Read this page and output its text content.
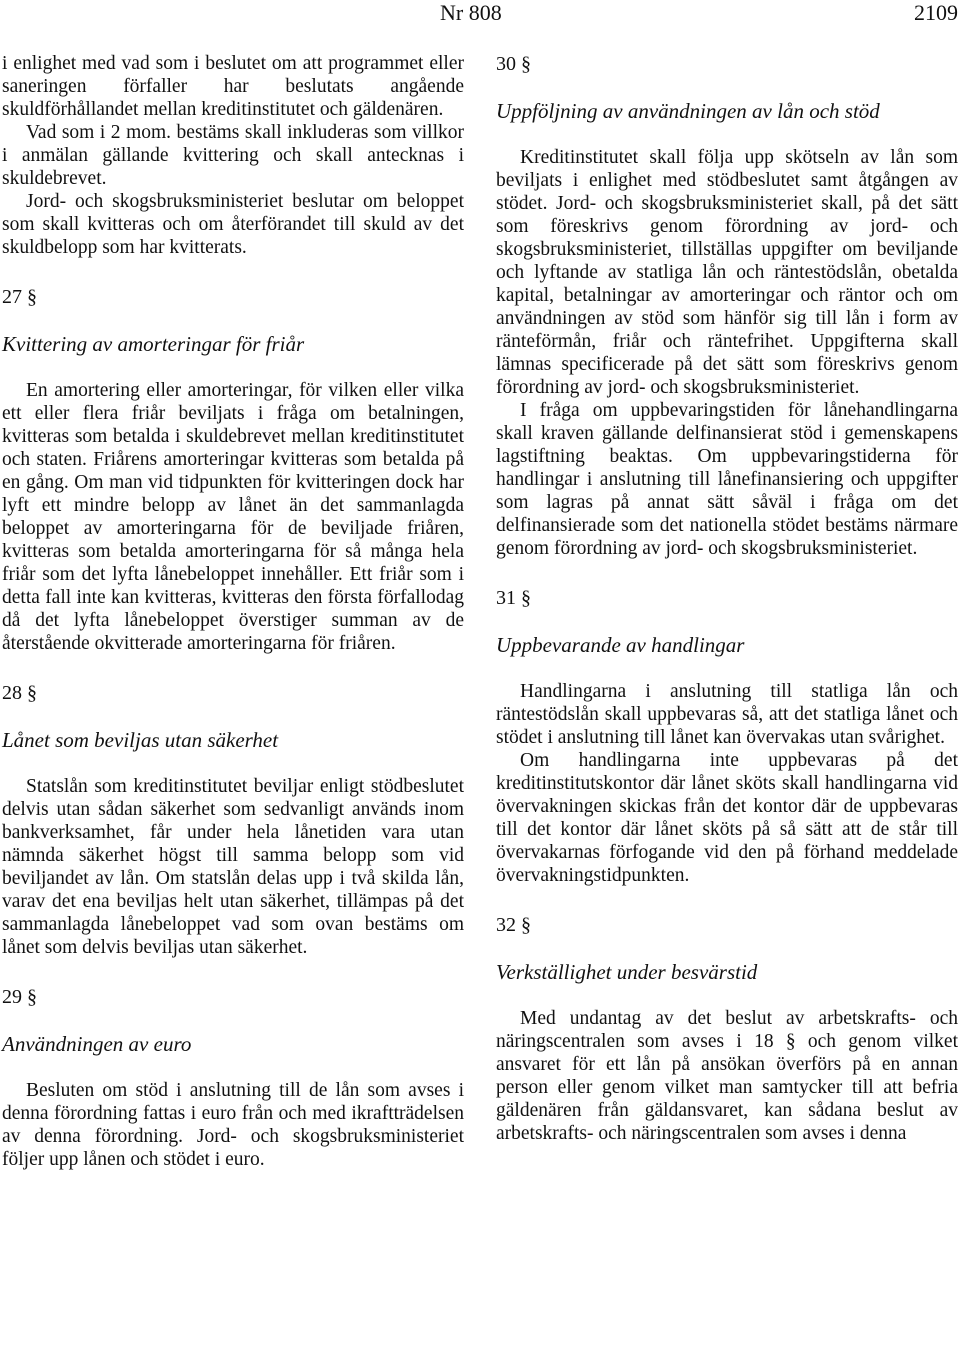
Nr 808	2109

i enlighet med vad som i beslutet om att programmet eller saneringen förfaller har beslutats angående skuldförhållandet mellan kreditinstitutet och gäldenären.

Vad som i 2 mom. bestäms skall inkluderas som villkor i anmälan gällande kvittering och skall antecknas i skuldebrevet.

Jord- och skogsbruksministeriet beslutar om beloppet som skall kvitteras och om återförandet till skuld av det skuldbelopp som har kvitterats.

27 §

Kvittering av amorteringar för friår

En amortering eller amorteringar, för vilken eller vilka ett eller flera friår beviljats i fråga om betalningen, kvitteras som betalda i skuldebrevet mellan kreditinstitutet och staten. Friårens amorteringar kvitteras som betalda på en gång. Om man vid tidpunkten för kvitteringen dock har lyft ett mindre belopp av lånet än det sammanlagda beloppet av amorteringarna för de beviljade friåren, kvitteras som betalda amorteringarna för så många hela friår som det lyfta lånebeloppet innehåller. Ett friår som i detta fall inte kan kvitteras, kvitteras den första förfallodag då det lyfta lånebeloppet överstiger summan av de återstående okvitterade amorteringarna för friåren.

28 §

Lånet som beviljas utan säkerhet

Statslån som kreditinstitutet beviljar enligt stödbeslutet delvis utan sådan säkerhet som sedvanligt används inom bankverksamhet, får under hela lånetiden vara utan nämnda säkerhet högst till samma belopp som vid beviljandet av lån. Om statslån delas upp i två skilda lån, varav det ena beviljas helt utan säkerhet, tillämpas på det sammanlagda lånebeloppet vad som ovan bestäms om lånet som delvis beviljas utan säkerhet.

29 §

Användningen av euro

Besluten om stöd i anslutning till de lån som avses i denna förordning fattas i euro från och med ikraftträdelsen av denna förordning. Jord- och skogsbruksministeriet följer upp lånen och stödet i euro.

30 §

Uppföljning av användningen av lån och stöd

Kreditinstitutet skall följa upp skötseln av lån som beviljats i enlighet med stödbeslutet samt åtgången av stödet. Jord- och skogsbruksministeriet skall, på det sätt som föreskrivs genom förordning av jord- och skogsbruksministeriet, tillställas uppgifter om beviljande och lyftande av statliga lån och räntestödslån, obetalda kapital, betalningar av amorteringar och räntor och om användningen av stöd som hänför sig till lån i form av ränteförmån, friår och räntefrihet. Uppgifterna skall lämnas specificerade på det sätt som föreskrivs genom förordning av jord- och skogsbruksministeriet.

I fråga om uppbevaringstiden för lånehandlingarna skall kraven gällande delfinansierat stöd i gemenskapens lagstiftning beaktas. Om uppbevaringstiderna för handlingar i anslutning till lånefinansiering och uppgifter som lagras på annat sätt såväl i fråga om det delfinansierade som det nationella stödet bestäms närmare genom förordning av jord- och skogsbruksministeriet.

31 §

Uppbevarande av handlingar

Handlingarna i anslutning till statliga lån och räntestödslån skall uppbevaras så, att det statliga lånet och stödet i anslutning till lånet kan övervakas utan svårighet.

Om handlingarna inte uppbevaras på det kreditinstitutskontor där lånet sköts skall handlingarna vid övervakningen skickas från det kontor där de uppbevaras till det kontor där lånet sköts på så sätt att de står till övervakarnas förfogande vid den på förhand meddelade övervakningstidpunkten.

32 §

Verkställighet under besvärstid

Med undantag av det beslut av arbetskrafts- och näringscentralen som avses i 18 § och genom vilket ansvaret för ett lån på ansökan överförs på en annan person eller genom vilket man samtycker till att befria gäldenären från gäldansvaret, kan sådana beslut av arbetskrafts- och näringscentralen som avses i denna
